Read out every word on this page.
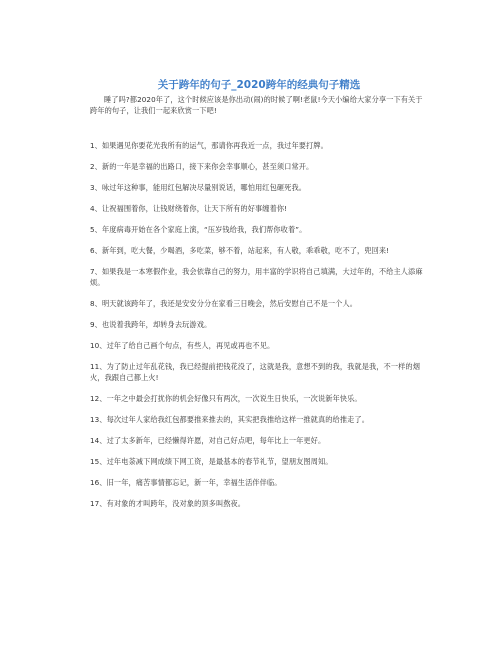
关于跨年的句子_2020跨年的经典句子精选
睡了吗?都2020年了，这个时候应该是你出动(闹)的时候了啊!老鼠!今天小编给大家分享一下有关于跨年的句子，让我们一起来欣赏一下吧!
1、如果遇见你要花光我所有的运气，那请你再我近一点，我过年要打牌。
2、新的一年是幸福的出路口，接下来你会幸事顺心，甚至须口常开。
3、咏过年这种事，能用红包解决尽量别说话，哪怕用红包砸死我。
4、让祝福围着你，让钱财绕着你，让天下所有的好事缠着你!
5、年度病毒开始在各个家庭上演，“压岁钱给我，我们帮你收着”。
6、新年到，吃大餐，少喝酒，多吃菜，够不着，站起来，有人敬，乖乖敬，吃不了，兜回来!
7、如果我是一本寒假作业，我会依靠自己的努力，用丰富的学识将自己填满，大过年的，不给主人添麻烦。
8、明天就该跨年了，我还是安安分分在家看三日晚会，然后安慰自己不是一个人。
9、也说着我跨年，却转身去玩游戏。
10、过年了给自己画个句点，有些人，再见或再也不见。
11、为了防止过年乱花钱，我已经提前把钱花没了，这就是我，意想不到的我，我就是我，不一样的烟火，我跟自己都上火!
12、一年之中最会打扰你的机会好像只有两次，一次说生日快乐，一次说新年快乐。
13、每次过年人家给我红包都要推来推去的，其实把我推给这样一推就真的给推走了。
14、过了太多新年，已经懒得许愿，对自己好点吧，每年比上一年更好。
15、过年电荼减下网成绩下网工资，是最基本的春节礼节，望朋友图周知。
16、旧一年，痛苦事情都忘记，新一年，幸福生活伴伴临。
17、有对象的才叫跨年，没对象的顶多叫熬夜。
